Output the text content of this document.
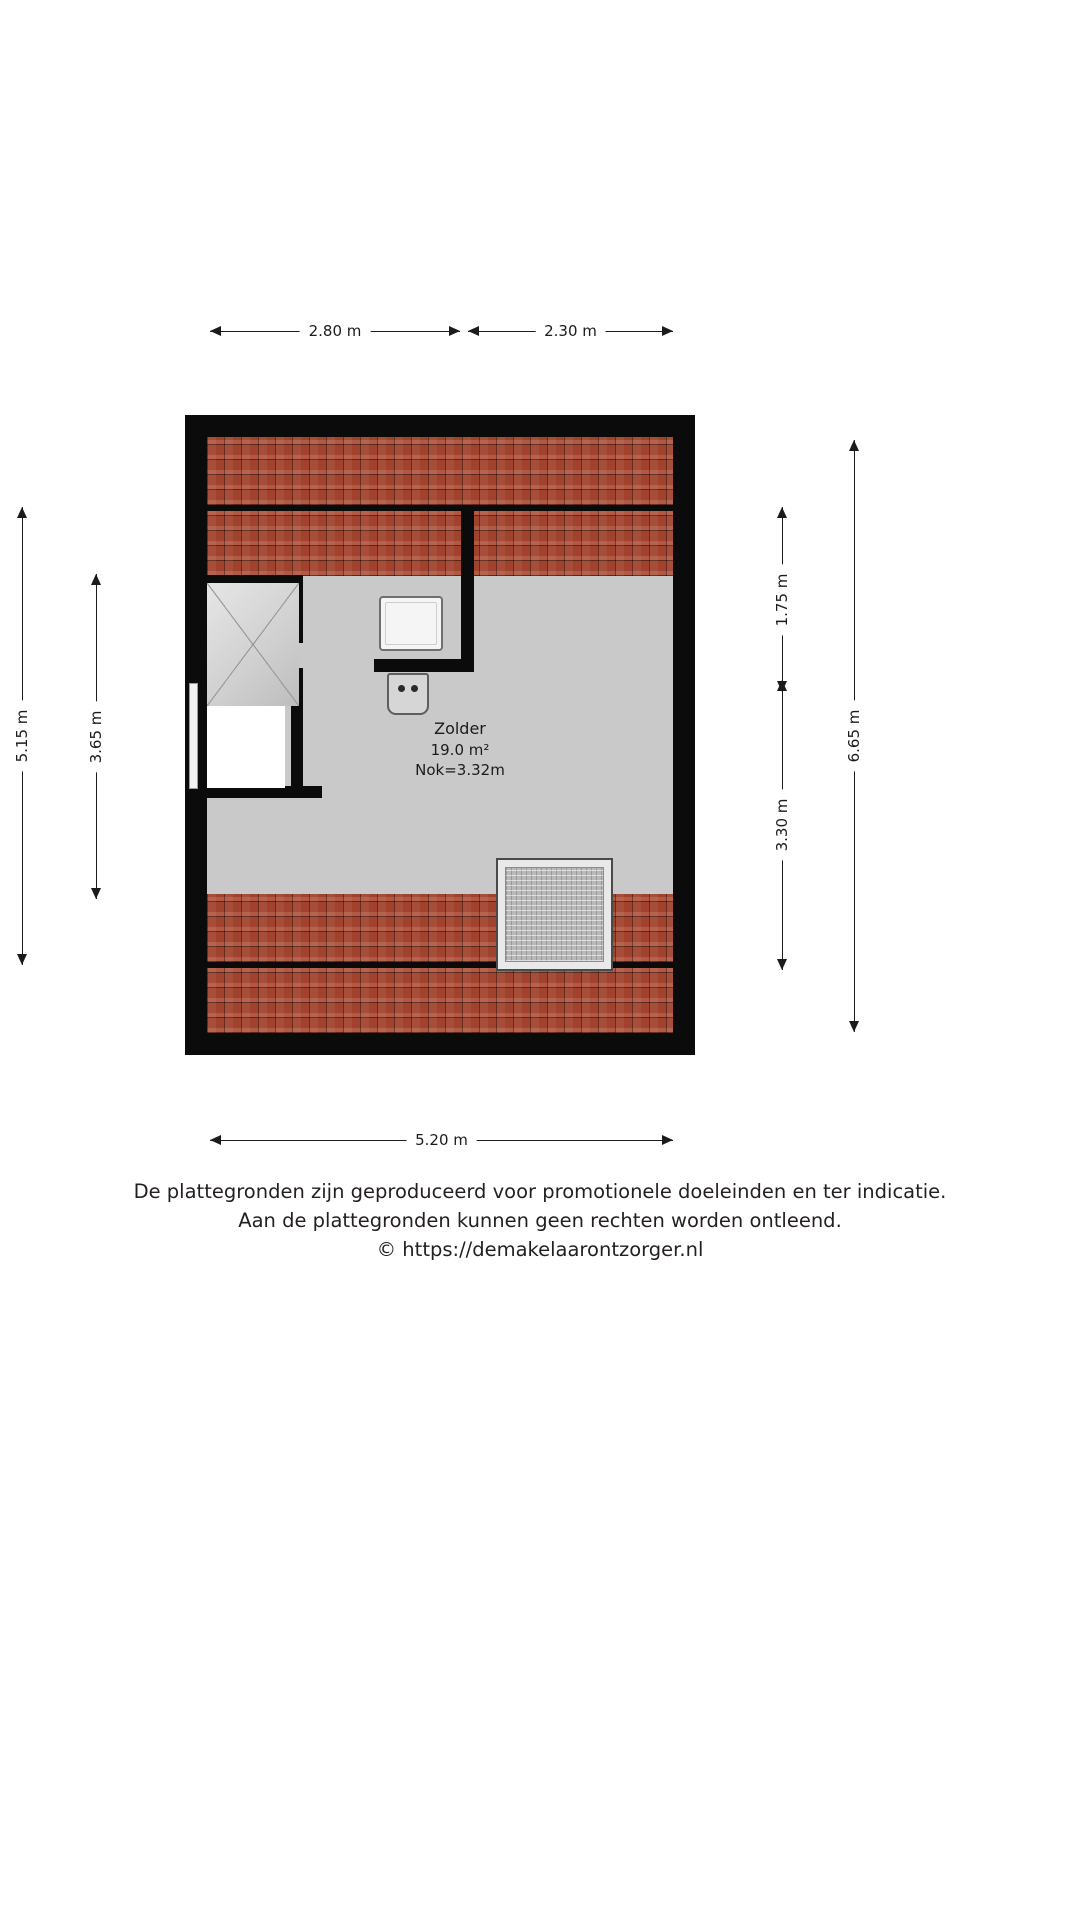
Zolder
19.0 m²
Nok=3.32m
2.80 m	2.30 m
5.20 m
5.15 m	3.65 m
1.75 m
3.30 m
6.65 m
De plattegronden zijn geproduceerd voor promotionele doeleinden en ter indicatie.
Aan de plattegronden kunnen geen rechten worden ontleend.
© https://demakelaarontzorger.nl
